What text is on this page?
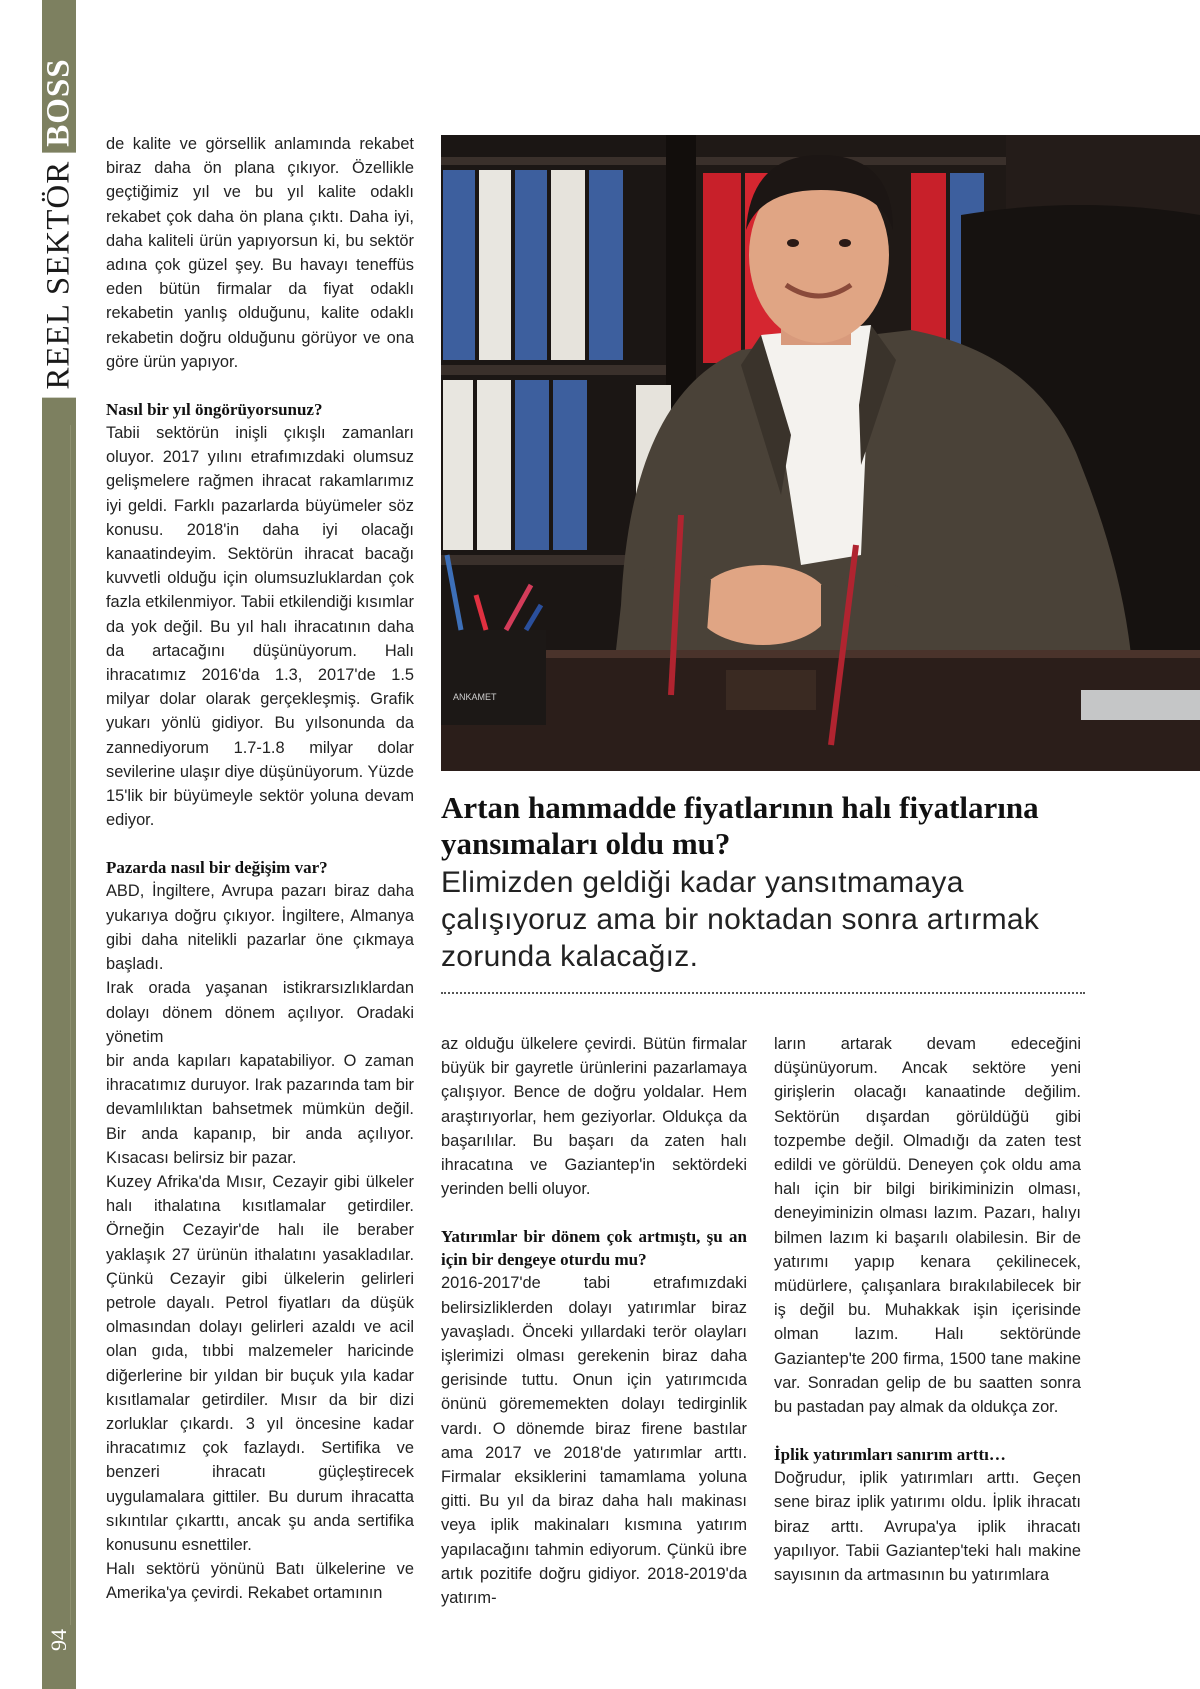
REEL SEKTÖRBOSS
94

de kalite ve görsellik anlamında rekabet biraz daha ön plana çıkıyor. Özellikle geçtiğimiz yıl ve bu yıl kalite odaklı rekabet çok daha ön plana çıktı. Daha iyi, daha kaliteli ürün yapıyorsun ki, bu sektör adına çok güzel şey. Bu havayı teneffüs eden bütün firmalar da fiyat odaklı rekabetin yanlış olduğunu, kalite odaklı rekabetin doğru olduğunu görüyor ve ona göre ürün yapıyor.

Nasıl bir yıl öngörüyorsunuz?

Tabii sektörün inişli çıkışlı zamanları oluyor. 2017 yılını etrafımızdaki olumsuz gelişmelere rağmen ihracat rakamlarımız iyi geldi. Farklı pazarlarda büyümeler söz konusu. 2018'in daha iyi olacağı kanaatindeyim. Sektörün ihracat bacağı kuvvetli olduğu için olumsuzluklardan çok fazla etkilenmiyor. Tabii etkilendiği kısımlar da yok değil. Bu yıl halı ihracatının daha da artacağını düşünüyorum. Halı ihracatımız 2016'da 1.3, 2017'de 1.5 milyar dolar olarak gerçekleşmiş. Grafik yukarı yönlü gidiyor. Bu yılsonunda da zannediyorum 1.7-1.8 milyar dolar sevilerine ulaşır diye düşünüyorum. Yüzde 15'lik bir büyümeyle sektör yoluna devam ediyor.

Pazarda nasıl bir değişim var?

ABD, İngiltere, Avrupa pazarı biraz daha yukarıya doğru çıkıyor. İngiltere, Almanya gibi daha nitelikli pazarlar öne çıkmaya başladı.

Irak orada yaşanan istikrarsızlıklardan dolayı dönem dönem açılıyor. Oradaki yönetim

bir anda kapıları kapatabiliyor. O zaman ihracatımız duruyor. Irak pazarında tam bir devamlılıktan bahsetmek mümkün değil. Bir anda kapanıp, bir anda açılıyor. Kısacası belirsiz bir pazar.

Kuzey Afrika'da Mısır, Cezayir gibi ülkeler halı ithalatına kısıtlamalar getirdiler. Örneğin Cezayir'de halı ile beraber yaklaşık 27 ürünün ithalatını yasakladılar. Çünkü Cezayir gibi ülkelerin gelirleri petrole dayalı. Petrol fiyatları da düşük olmasından dolayı gelirleri azaldı ve acil olan gıda, tıbbi malzemeler haricinde diğerlerine bir yıldan bir buçuk yıla kadar kısıtlamalar getirdiler. Mısır da bir dizi zorluklar çıkardı. 3 yıl öncesine kadar ihracatımız çok fazlaydı. Sertifika ve benzeri ihracatı güçleştirecek uygulamalara gittiler. Bu durum ihracatta sıkıntılar çıkarttı, ancak şu anda sertifika konusunu esnettiler.

Halı sektörü yönünü Batı ülkelerine ve Amerika'ya çevirdi. Rekabet ortamının

ANKAMET
Artan hammadde fiyatlarının halı fiyatlarına yansımaları oldu mu?

Elimizden geldiği kadar yansıtmamaya çalışıyoruz ama bir noktadan sonra artırmak zorunda kalacağız.

az olduğu ülkelere çevirdi. Bütün firmalar büyük bir gayretle ürünlerini pazarlamaya çalışıyor. Bence de doğru yoldalar. Hem araştırıyorlar, hem geziyorlar. Oldukça da başarılılar. Bu başarı da zaten halı ihracatına ve Gaziantep'in sektördeki yerinden belli oluyor.

Yatırımlar bir dönem çok artmıştı, şu an için bir dengeye oturdu mu?

2016-2017'de tabi etrafımızdaki belirsizliklerden dolayı yatırımlar biraz yavaşladı. Önceki yıllardaki terör olayları işlerimizi olması gerekenin biraz daha gerisinde tuttu. Onun için yatırımcıda önünü görememekten dolayı tedirginlik vardı. O dönemde biraz firene bastılar ama 2017 ve 2018'de yatırımlar arttı. Firmalar eksiklerini tamamlama yoluna gitti. Bu yıl da biraz daha halı makinası veya iplik makinaları kısmına yatırım yapılacağını tahmin ediyorum. Çünkü ibre artık pozitife doğru gidiyor. 2018-2019'da yatırım-

ların artarak devam edeceğini düşünüyorum. Ancak sektöre yeni girişlerin olacağı kanaatinde değilim. Sektörün dışardan görüldüğü gibi tozpembe değil. Olmadığı da zaten test edildi ve görüldü. Deneyen çok oldu ama halı için bir bilgi birikiminizin olması, deneyiminizin olması lazım. Pazarı, halıyı bilmen lazım ki başarılı olabilesin. Bir de yatırımı yapıp kenara çekilinecek, müdürlere, çalışanlara bırakılabilecek bir iş değil bu. Muhakkak işin içerisinde olman lazım. Halı sektöründe Gaziantep'te 200 firma, 1500 tane makine var. Sonradan gelip de bu saatten sonra bu pastadan pay almak da oldukça zor.

İplik yatırımları sanırım arttı…

Doğrudur, iplik yatırımları arttı. Geçen sene biraz iplik yatırımı oldu. İplik ihracatı biraz arttı. Avrupa'ya iplik ihracatı yapılıyor. Tabii Gaziantep'teki halı makine sayısının da artmasının bu yatırımlara
